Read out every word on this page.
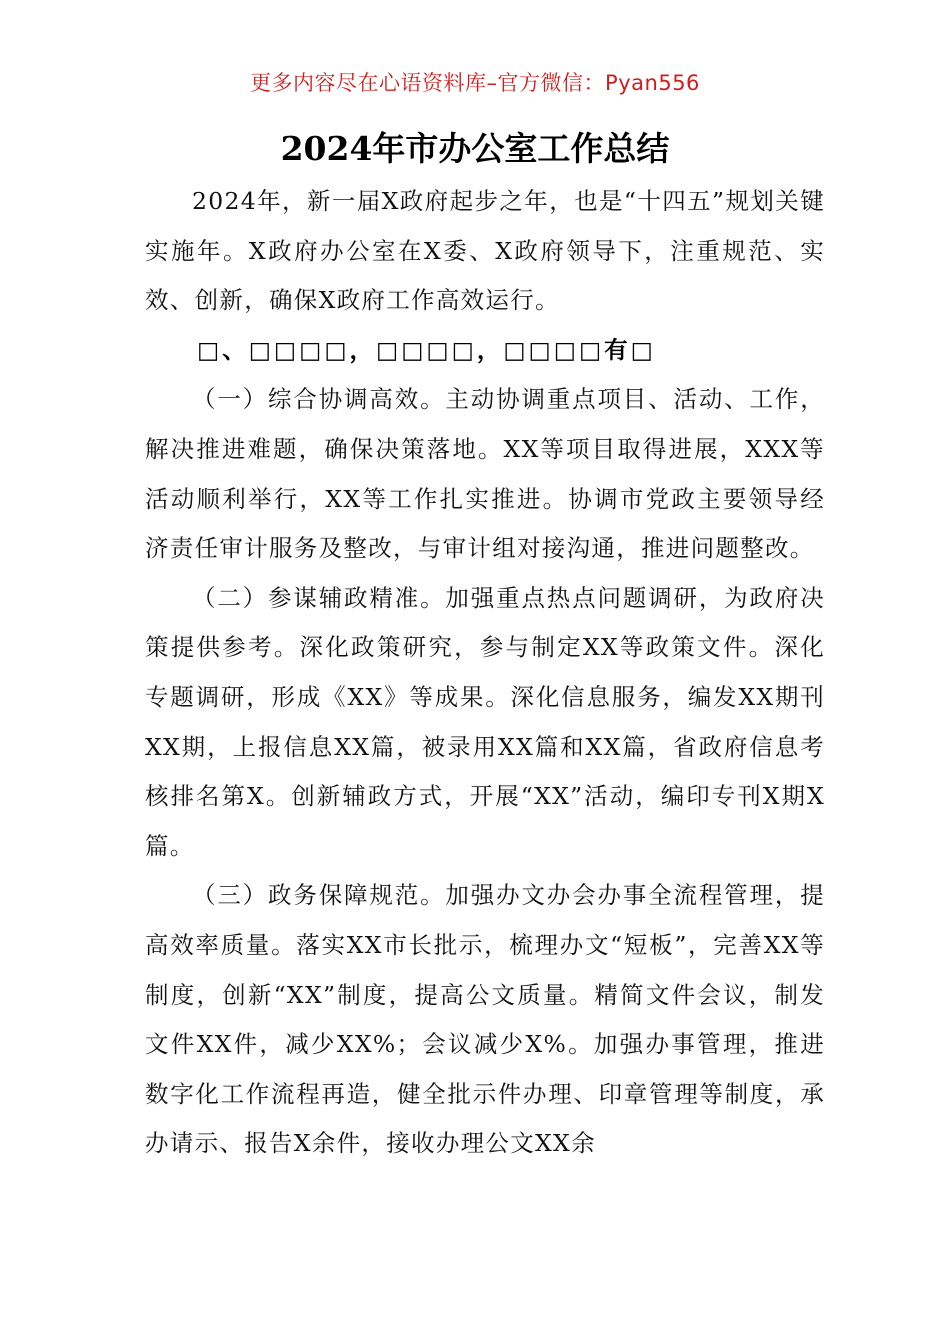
更多内容尽在心语资料库–官方微信：Pyan556
2024年市办公室工作总结

2024年，新一届X政府起步之年，也是“十四五”规划关键实施年。X政府办公室在X委、X政府领导下，注重规范、实效、创新，确保X政府工作高效运行。

□、□□□□，□□□□，□□□□有□

（一）综合协调高效。主动协调重点项目、活动、工作，解决推进难题，确保决策落地。XX等项目取得进展，XXX等活动顺利举行，XX等工作扎实推进。协调市党政主要领导经济责任审计服务及整改，与审计组对接沟通，推进问题整改。

（二）参谋辅政精准。加强重点热点问题调研，为政府决策提供参考。深化政策研究，参与制定XX等政策文件。深化专题调研，形成《XX》等成果。深化信息服务，编发XX期刊XX期，上报信息XX篇，被录用XX篇和XX篇，省政府信息考核排名第X。创新辅政方式，开展“XX”活动，编印专刊X期X篇。

（三）政务保障规范。加强办文办会办事全流程管理，提高效率质量。落实XX市长批示，梳理办文“短板”，完善XX等制度，创新“XX”制度，提高公文质量。精简文件会议，制发文件XX件，减少XX%；会议减少X%。加强办事管理，推进数字化工作流程再造，健全批示件办理、印章管理等制度，承办请示、报告X余件，接收办理公文XX余
